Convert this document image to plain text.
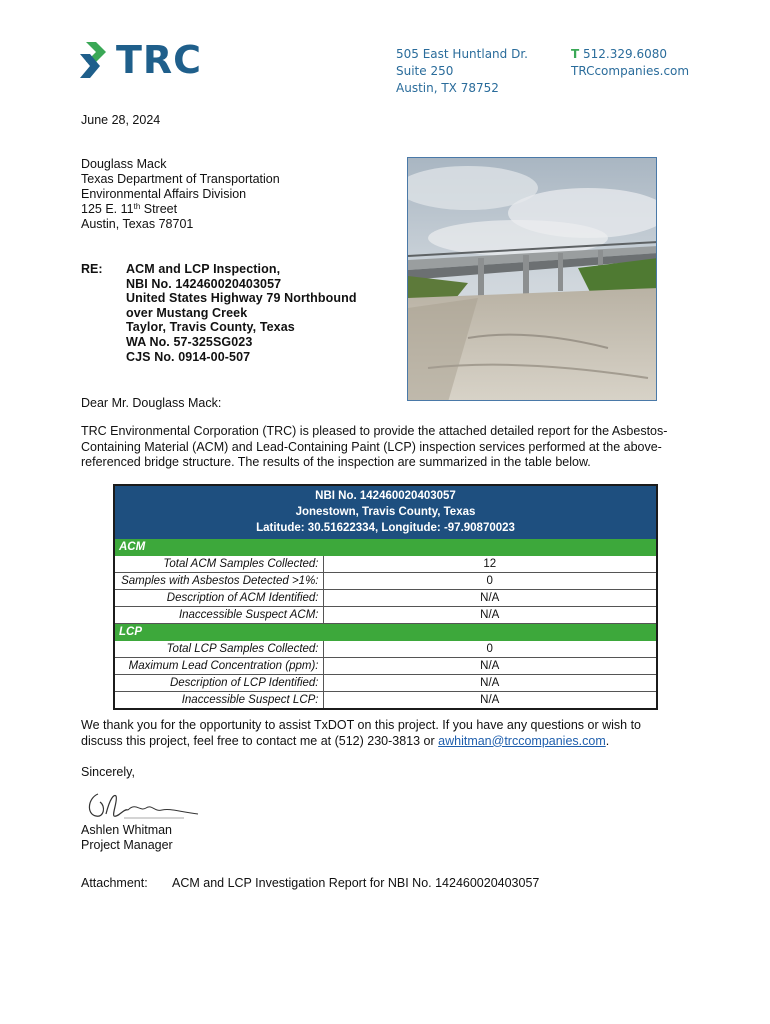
TRC	505 East Huntland Dr.
Suite 250
Austin, TX 78752
T 512.329.6080
TRCcompanies.com
June 28, 2024
Douglass Mack
Texas Department of Transportation
Environmental Affairs Division
125 E. 11th Street
Austin, Texas 78701
RE: ACM and LCP Inspection,
NBI No. 142460020403057
United States Highway 79 Northbound
over Mustang Creek
Taylor, Travis County, Texas
WA No. 57-325SG023
CJS No. 0914-00-507
Dear Mr. Douglass Mack:
TRC Environmental Corporation (TRC) is pleased to provide the attached detailed report for the Asbestos-Containing Material (ACM) and Lead-Containing Paint (LCP) inspection services performed at the above-referenced bridge structure. The results of the inspection are summarized in the table below.
NBI No. 142460020403057
Jonestown, Travis County, Texas
Latitude: 30.51622334, Longitude: -97.90870023	

ACM	
Total ACM Samples Collected:	12
Samples with Asbestos Detected >1%:	0
Description of ACM Identified:	N/A
Inaccessible Suspect ACM:	N/A
LCP	
Total LCP Samples Collected:	0
Maximum Lead Concentration (ppm):	N/A
Description of LCP Identified:	N/A
Inaccessible Suspect LCP:	N/A
We thank you for the opportunity to assist TxDOT on this project. If you have any questions or wish to discuss this project, feel free to contact me at (512) 230-3813 or awhitman@trccompanies.com.
Sincerely,
Ashlen Whitman
Project Manager
Attachment: ACM and LCP Investigation Report for NBI No. 142460020403057
